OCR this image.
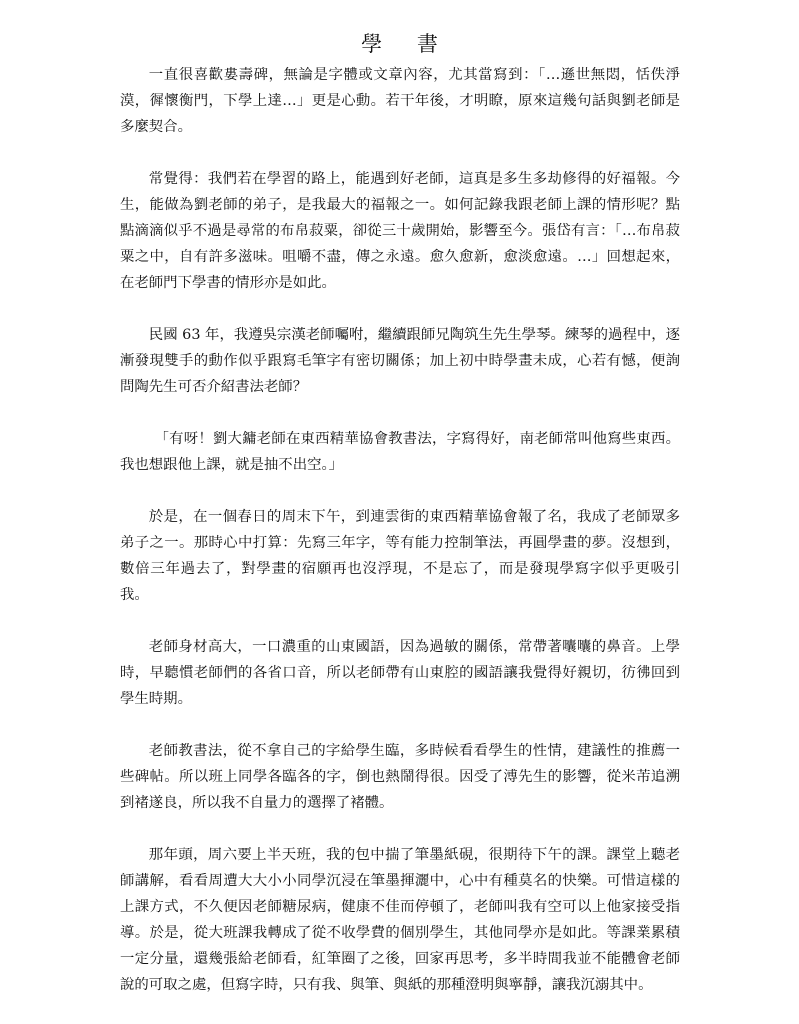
學 書

一直很喜歡婁壽碑，無論是字體或文章內容，尤其當寫到：「…遜世無悶，恬佚淨漠，徲懷衡門，下學上達…」更是心動。若干年後，才明瞭，原來這幾句話與劉老師是多麼契合。

常覺得：我們若在學習的路上，能遇到好老師，這真是多生多劫修得的好福報。今生，能做為劉老師的弟子，是我最大的福報之一。如何記錄我跟老師上課的情形呢？點點滴滴似乎不過是尋常的布帛菽粟，卻從三十歲開始，影響至今。張岱有言：「…布帛菽粟之中，自有許多滋味。咀嚼不盡，傳之永遠。愈久愈新，愈淡愈遠。…」回想起來，在老師門下學書的情形亦是如此。

民國 63 年，我遵吳宗漢老師囑咐，繼續跟師兄陶筑生先生學琴。練琴的過程中，逐漸發現雙手的動作似乎跟寫毛筆字有密切關係；加上初中時學畫未成，心若有憾，便詢問陶先生可否介紹書法老師？

「有呀！劉大鏞老師在東西精華協會教書法，字寫得好，南老師常叫他寫些東西。我也想跟他上課，就是抽不出空。」

於是，在一個春日的周末下午，到連雲街的東西精華協會報了名，我成了老師眾多弟子之一。那時心中打算：先寫三年字，等有能力控制筆法，再圓學畫的夢。沒想到，數倍三年過去了，對學畫的宿願再也沒浮現，不是忘了，而是發現學寫字似乎更吸引我。

老師身材高大，一口濃重的山東國語，因為過敏的關係，常帶著囔囔的鼻音。上學時，早聽慣老師們的各省口音，所以老師帶有山東腔的國語讓我覺得好親切，彷彿回到學生時期。

老師教書法，從不拿自己的字給學生臨，多時候看看學生的性情，建議性的推薦一些碑帖。所以班上同學各臨各的字，倒也熱鬧得很。因受了溥先生的影響，從米芾追溯到褚遂良，所以我不自量力的選擇了褚體。

那年頭，周六要上半天班，我的包中揣了筆墨紙硯，很期待下午的課。課堂上聽老師講解，看看周遭大大小小同學沉浸在筆墨揮灑中，心中有種莫名的快樂。可惜這樣的上課方式，不久便因老師糖尿病，健康不佳而停頓了，老師叫我有空可以上他家接受指導。於是，從大班課我轉成了從不收學費的個別學生，其他同學亦是如此。等課業累積一定分量，還幾張給老師看，紅筆圈了之後，回家再思考，多半時間我並不能體會老師說的可取之處，但寫字時，只有我、與筆、與紙的那種澄明與寧靜，讓我沉溺其中。
